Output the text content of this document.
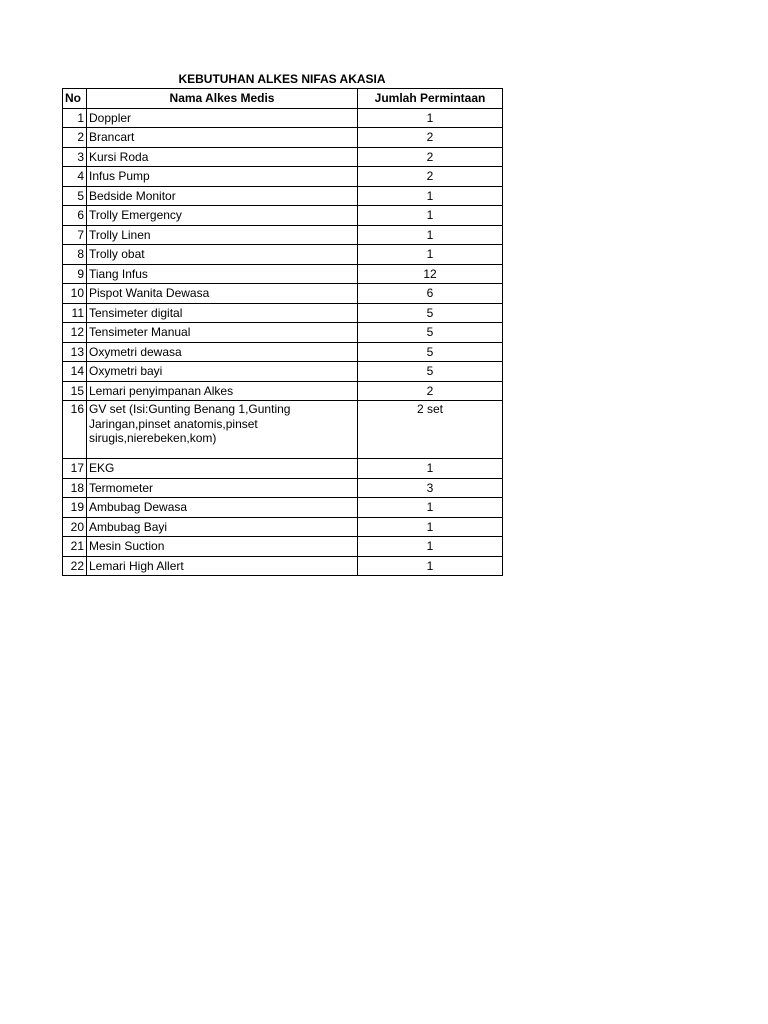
KEBUTUHAN ALKES NIFAS AKASIA
No	Nama Alkes Medis	Jumlah Permintaan
1	Doppler	1
2	Brancart	2
3	Kursi Roda	2
4	Infus Pump	2
5	Bedside Monitor	1
6	Trolly Emergency	1
7	Trolly Linen	1
8	Trolly obat	1
9	Tiang Infus	12
10	Pispot Wanita Dewasa	6
11	Tensimeter digital	5
12	Tensimeter Manual	5
13	Oxymetri dewasa	5
14	Oxymetri bayi	5
15	Lemari penyimpanan Alkes	2
16	GV set (Isi:Gunting Benang 1,Gunting Jaringan,pinset anatomis,pinset sirugis,nierebeken,kom)	2 set
17	EKG	1
18	Termometer	3
19	Ambubag Dewasa	1
20	Ambubag Bayi	1
21	Mesin Suction	1
22	Lemari High Allert	1
